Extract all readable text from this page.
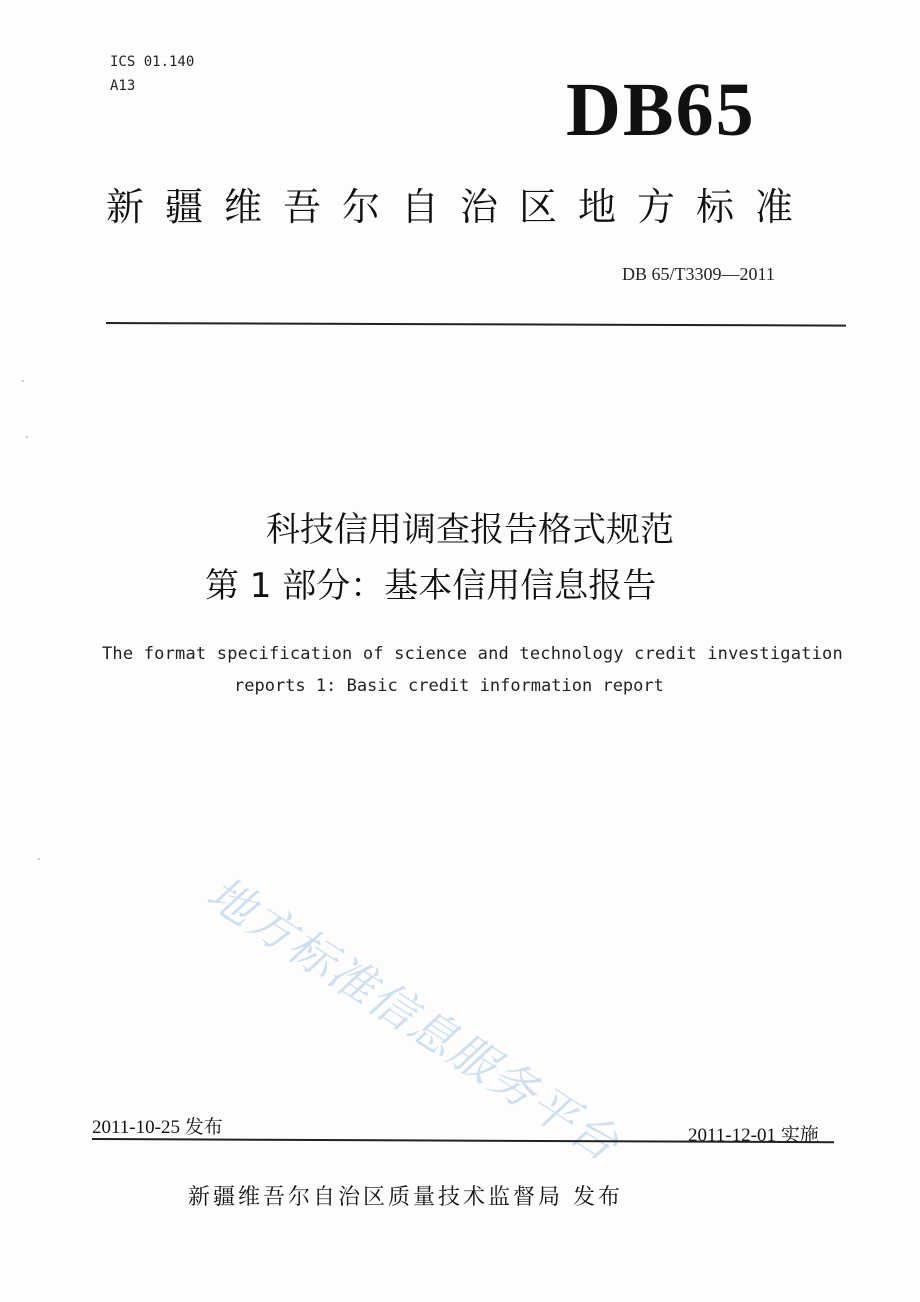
ICS 01.140
A13	DB65
新疆维吾尔自治区地方标准
DB 65/T3309—2011
科技信用调查报告格式规范
第 1 部分：基本信用信息报告
The format specification of science and technology credit investigation
reports 1: Basic credit information report
地方标准信息服务平台
2011-10-25 发布	2011-12-01 实施
新疆维吾尔自治区质量技术监督局 发布
